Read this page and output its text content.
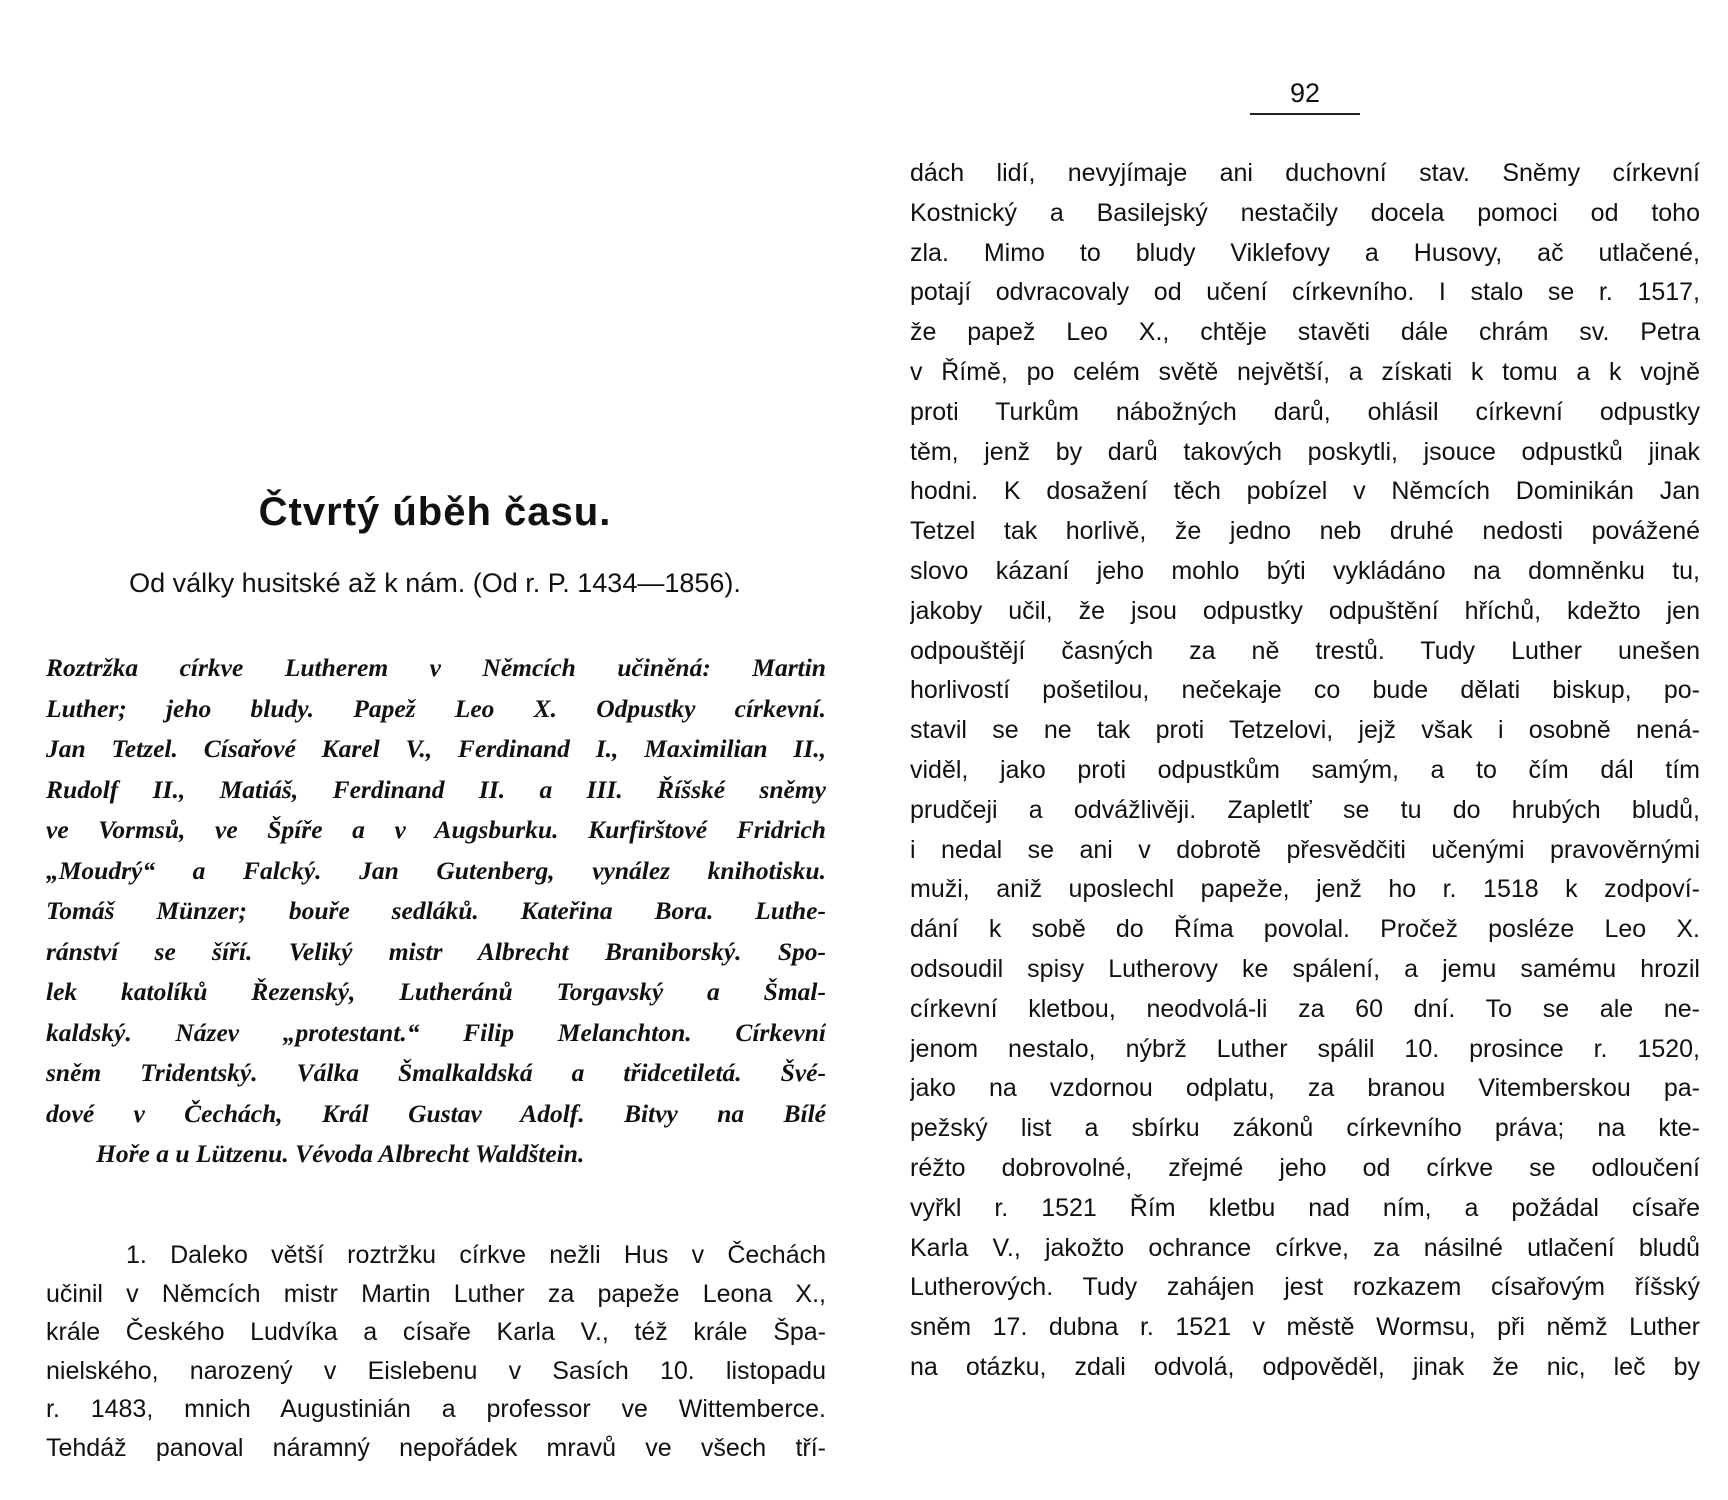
Čtvrtý úběh času.

Od války husitské až k nám. (Od r. P. 1434—1856).

Roztržka církve Lutherem v Němcích učiněná: Martin
Luther; jeho bludy. Papež Leo X. Odpustky církevní.
Jan Tetzel. Císařové Karel V., Ferdinand I., Maximilian II.,
Rudolf II., Matiáš, Ferdinand II. a III. Říšské sněmy
ve Vormsů, ve Špíře a v Augsburku. Kurfirštové Fridrich
„Moudrý“ a Falcký. Jan Gutenberg, vynález knihotisku.
Tomáš Münzer; bouře sedláků. Kateřina Bora. Luthe-
ránství se šíří. Veliký mistr Albrecht Braniborský. Spo-
lek katolíků Řezenský, Lutheránů Torgavský a Šmal-
kaldský. Název „protestant.“ Filip Melanchton. Církevní
sněm Tridentský. Válka Šmalkaldská a třidcetiletá. Švé-
dové v Čechách, Král Gustav Adolf. Bitvy na Bílé
Hoře a u Lützenu. Vévoda Albrecht Waldštein.
1. Daleko větší roztržku církve nežli Hus v Čechách
učinil v Němcích mistr Martin Luther za papeže Leona X.,
krále Českého Ludvíka a císaře Karla V., též krále Špa-
nielského, narozený v Eislebenu v Sasích 10. listopadu
r. 1483, mnich Augustinián a professor ve Wittemberce.
Tehdáž panoval náramný nepořádek mravů ve všech tří-
92
dách lidí, nevyjímaje ani duchovní stav. Sněmy církevní
Kostnický a Basilejský nestačily docela pomoci od toho
zla. Mimo to bludy Viklefovy a Husovy, ač utlačené,
potají odvracovaly od učení církevního. I stalo se r. 1517,
že papež Leo X., chtěje stavěti dále chrám sv. Petra
v Římě, po celém světě největší, a získati k tomu a k vojně
proti Turkům nábožných darů, ohlásil církevní odpustky
těm, jenž by darů takových poskytli, jsouce odpustků jinak
hodni. K dosažení těch pobízel v Němcích Dominikán Jan
Tetzel tak horlivě, že jedno neb druhé nedosti povážené
slovo kázaní jeho mohlo býti vykládáno na domněnku tu,
jakoby učil, že jsou odpustky odpuštění hříchů, kdežto jen
odpouštějí časných za ně trestů. Tudy Luther unešen
horlivostí pošetilou, nečekaje co bude dělati biskup, po-
stavil se ne tak proti Tetzelovi, jejž však i osobně nená-
viděl, jako proti odpustkům samým, a to čím dál tím
prudčeji a odvážlivěji. Zapletlť se tu do hrubých bludů,
i nedal se ani v dobrotě přesvědčiti učenými pravověrnými
muži, aniž uposlechl papeže, jenž ho r. 1518 k zodpoví-
dání k sobě do Říma povolal. Pročež posléze Leo X.
odsoudil spisy Lutherovy ke spálení, a jemu samému hrozil
církevní kletbou, neodvolá-li za 60 dní. To se ale ne-
jenom nestalo, nýbrž Luther spálil 10. prosince r. 1520,
jako na vzdornou odplatu, za branou Vitemberskou pa-
pežský list a sbírku zákonů církevního práva; na kte-
réžto dobrovolné, zřejmé jeho od církve se odloučení
vyřkl r. 1521 Řím kletbu nad ním, a požádal císaře
Karla V., jakožto ochrance církve, za násilné utlačení bludů
Lutherových. Tudy zahájen jest rozkazem císařovým říšský
sněm 17. dubna r. 1521 v městě Wormsu, při němž Luther
na otázku, zdali odvolá, odpověděl, jinak že nic, leč by
